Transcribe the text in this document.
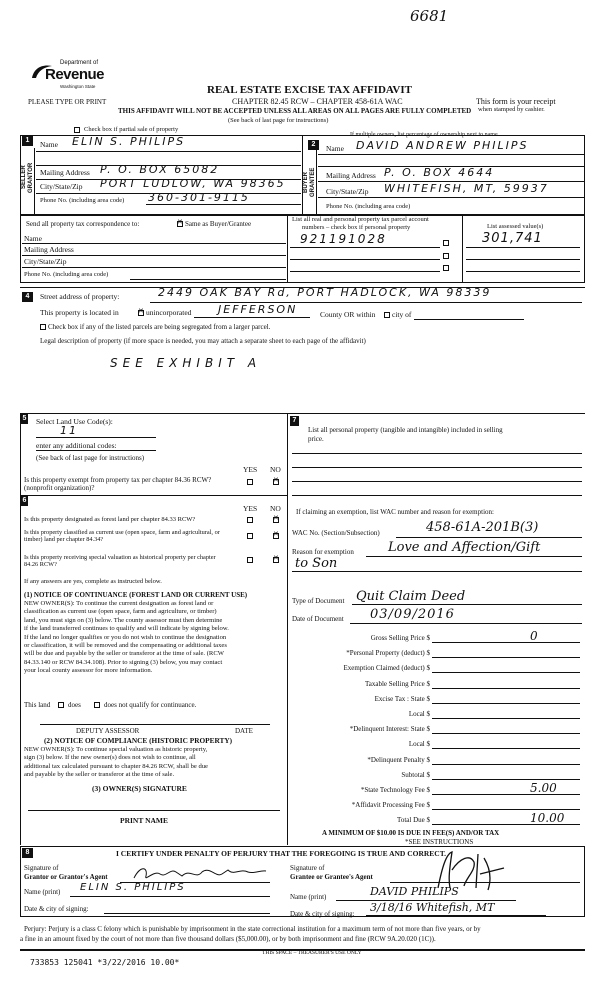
6681
Department of
Revenue
Washington State
PLEASE TYPE OR PRINT
REAL ESTATE EXCISE TAX AFFIDAVIT
CHAPTER 82.45 RCW – CHAPTER 458-61A WAC
THIS AFFIDAVIT WILL NOT BE ACCEPTED UNLESS ALL AREAS ON ALL PAGES ARE FULLY COMPLETED
(See back of last page for instructions)
This form is your receipt
when stamped by cashier.
Check box if partial sale of property
If multiple owners, list percentage of ownership next to name.
1
2
SELLER GRANTOR	BUYER GRANTEE
Name ELIN S. PHILIPS
Mailing Address P. O. BOX 65082
City/State/Zip PORT LUDLOW, WA 98365
Phone No. (including area code) 360-301-9115
Name DAVID ANDREW PHILIPS
Mailing Address P. O. BOX 4644
City/State/Zip WHITEFISH, MT, 59937
Phone No. (including area code)
Send all property tax correspondence to: ✕	Same as Buyer/Grantee
Name
Mailing Address
City/State/Zip
Phone No. (including area code)
List all real and personal property tax parcel account
numbers – check box if personal property
921191028
List assessed value(s)
301,741
4	Street address of property:	2449 OAK BAY Rd, PORT HADLOCK, WA 98339
This property is located in ✕	unincorporated JEFFERSON	County OR within city of
Check box if any of the listed parcels are being segregated from a larger parcel.
Legal description of property (if more space is needed, you may attach a separate sheet to each page of the affidavit)
SEE EXHIBIT A
5 Select Land Use Code(s):
11
enter any additional codes:
(See back of last page for instructions)
YES NO
Is this property exempt from property tax per chapter 84.36 RCW? (nonprofit organization)?
✕
6
YES NO
Is this property designated as forest land per chapter 84.33 RCW?
✕
Is this property classified as current use (open space, farm and agricultural, or timber) land per chapter 84.34?
✕
Is this property receiving special valuation as historical property per chapter 84.26 RCW?
✕
If any answers are yes, complete as instructed below.
(1) NOTICE OF CONTINUANCE (FOREST LAND OR CURRENT USE)
NEW OWNER(S): To continue the current designation as forest land or
classification as current use (open space, farm and agriculture, or timber)
land, you must sign on (3) below. The county assessor must then determine
if the land transferred continues to qualify and will indicate by signing below.
If the land no longer qualifies or you do not wish to continue the designation
or classification, it will be removed and the compensating or additional taxes
will be due and payable by the seller or transferor at the time of sale. (RCW
84.33.140 or RCW 84.34.108). Prior to signing (3) below, you may contact
your local county assessor for more information.
This land	does	does not qualify for continuance.
DEPUTY ASSESSOR	DATE
(2) NOTICE OF COMPLIANCE (HISTORIC PROPERTY)
NEW OWNER(S): To continue special valuation as historic property,
sign (3) below. If the new owner(s) does not wish to continue, all
additional tax calculated pursuant to chapter 84.26 RCW, shall be due
and payable by the seller or transferor at the time of sale.
(3) OWNER(S) SIGNATURE
PRINT NAME
7
List all personal property (tangible and intangible) included in selling
price.
If claiming an exemption, list WAC number and reason for exemption:
WAC No. (Section/Subsection)	458-61A-201B(3)
Reason for exemption	Love and Affection/Gift
to Son
Type of Document Quit Claim Deed
Date of Document 03/09/2016
Gross Selling Price $	0
*Personal Property (deduct) $
Exemption Claimed (deduct) $
Taxable Selling Price $
Excise Tax : State $
Local $
*Delinquent Interest: State $
Local $
*Delinquent Penalty $
Subtotal $
*State Technology Fee $	5.00
*Affidavit Processing Fee $
Total Due $	10.00
A MINIMUM OF $10.00 IS DUE IN FEE(S) AND/OR TAX
*SEE INSTRUCTIONS
8	I CERTIFY UNDER PENALTY OF PERJURY THAT THE FOREGOING IS TRUE AND CORRECT.
Signature of
Grantor or Grantor's Agent
Name (print) ELIN S. PHILIPS
Date & city of signing:
Signature of
Grantee or Grantee's Agent
Name (print)	DAVID PHILIPS
Date & city of signing: 3/18/16 Whitefish, MT
Perjury: Perjury is a class C felony which is punishable by imprisonment in the state correctional institution for a maximum term of not more than five years, or by
a fine in an amount fixed by the court of not more than five thousand dollars ($5,000.00), or by both imprisonment and fine (RCW 9A.20.020 (1C)).
733853 125041 *3/22/2016 10.00*
THIS SPACE – TREASURER'S USE ONLY
